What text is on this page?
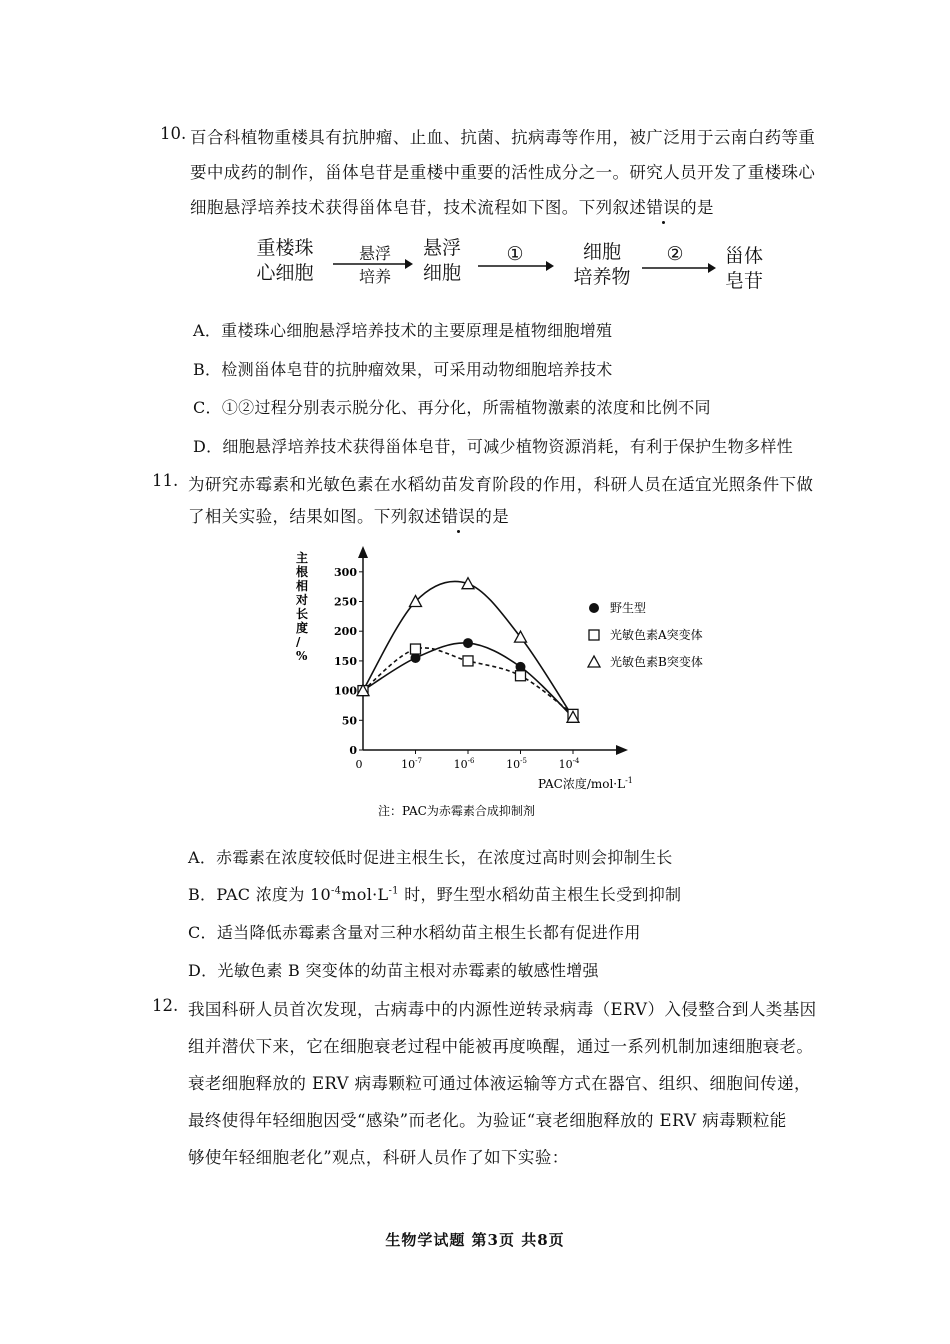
10. 百合科植物重楼具有抗肿瘤、止血、抗菌、抗病毒等作用，被广泛用于云南白药等重
要中成药的制作，甾体皂苷是重楼中重要的活性成分之一。研究人员开发了重楼珠心
细胞悬浮培养技术获得甾体皂苷，技术流程如下图。下列叙述错误的是
重楼珠
心细胞
悬浮
培养
悬浮
细胞
①	细胞
培养物
②	甾体
皂苷
A．重楼珠心细胞悬浮培养技术的主要原理是植物细胞增殖
B．检测甾体皂苷的抗肿瘤效果，可采用动物细胞培养技术
C．①②过程分别表示脱分化、再分化，所需植物激素的浓度和比例不同
D．细胞悬浮培养技术获得甾体皂苷，可减少植物资源消耗，有利于保护生物多样性
11. 为研究赤霉素和光敏色素在水稻幼苗发育阶段的作用，科研人员在适宜光照条件下做
了相关实验，结果如图。下列叙述错误的是
主根相对长度/ %
0
50
100
150
200
250
300
0	$10^{-7}$	$10^{-6}$	$10^{-5}$	$10^{-4}$
野生型
光敏色素A突变体
光敏色素B突变体
PAC浓度$/mol\cdot L^{-1}$
注：PAC为赤霉素合成抑制剂
A．赤霉素在浓度较低时促进主根生长，在浓度过高时则会抑制生长
B．PAC 浓度为 $10^{-4}mol\cdot L^{-1}$ 时，野生型水稻幼苗主根生长受到抑制
C．适当降低赤霉素含量对三种水稻幼苗主根生长都有促进作用
D．光敏色素 B 突变体的幼苗主根对赤霉素的敏感性增强
12. 我国科研人员首次发现，古病毒中的内源性逆转录病毒（ERV）入侵整合到人类基因
组并潜伏下来，它在细胞衰老过程中能被再度唤醒，通过一系列机制加速细胞衰老。
衰老细胞释放的 ERV 病毒颗粒可通过体液运输等方式在器官、组织、细胞间传递，
最终使得年轻细胞因受“感染”而老化。为验证“衰老细胞释放的 ERV 病毒颗粒能
够使年轻细胞老化”观点，科研人员作了如下实验：
生物学试题 第3页 共8页
